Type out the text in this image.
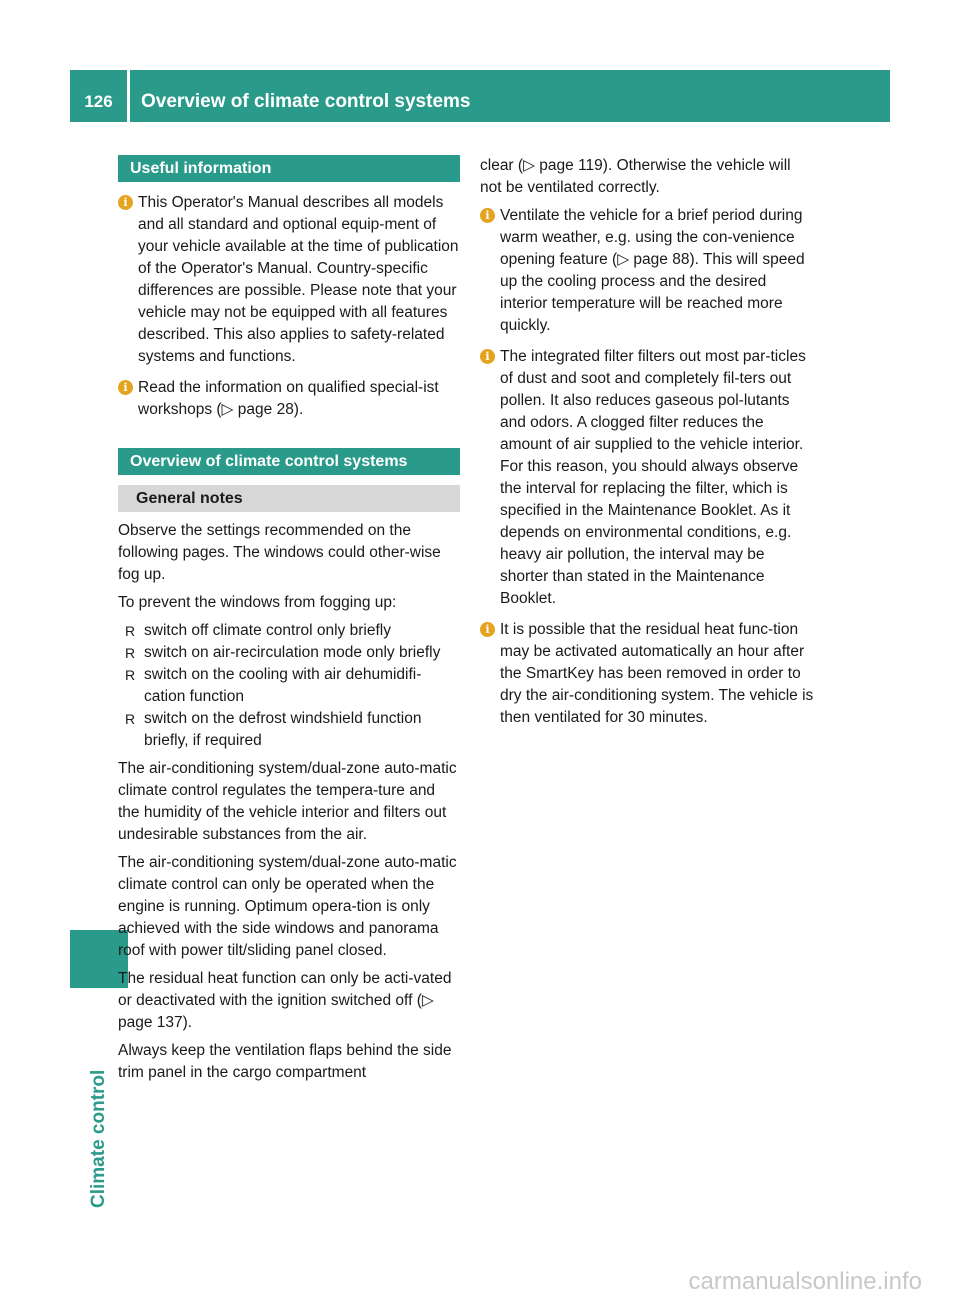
126	Overview of climate control systems
Climate control
Useful information

i This Operator's Manual describes all models and all standard and optional equip-ment of your vehicle available at the time of publication of the Operator's Manual. Country-specific differences are possible. Please note that your vehicle may not be equipped with all features described. This also applies to safety-related systems and functions.

i Read the information on qualified special-ist workshops (▷ page 28).

Overview of climate control systems
General notes

Observe the settings recommended on the following pages. The windows could other-wise fog up.

To prevent the windows from fogging up:

R switch off climate control only briefly
R switch on air-recirculation mode only briefly
R switch on the cooling with air dehumidifi-cation function
R switch on the defrost windshield function briefly, if required

The air-conditioning system/dual-zone auto-matic climate control regulates the tempera-ture and the humidity of the vehicle interior and filters out undesirable substances from the air.

The air-conditioning system/dual-zone auto-matic climate control can only be operated when the engine is running. Optimum opera-tion is only achieved with the side windows and panorama roof with power tilt/sliding panel closed.

The residual heat function can only be acti-vated or deactivated with the ignition switched off (▷ page 137).

Always keep the ventilation flaps behind the side trim panel in the cargo compartment

clear (▷ page 119). Otherwise the vehicle will not be ventilated correctly.

i Ventilate the vehicle for a brief period during warm weather, e.g. using the con-venience opening feature (▷ page 88). This will speed up the cooling process and the desired interior temperature will be reached more quickly.

i The integrated filter filters out most par-ticles of dust and soot and completely fil-ters out pollen. It also reduces gaseous pol-lutants and odors. A clogged filter reduces the amount of air supplied to the vehicle interior. For this reason, you should always observe the interval for replacing the filter, which is specified in the Maintenance Booklet. As it depends on environmental conditions, e.g. heavy air pollution, the interval may be shorter than stated in the Maintenance Booklet.

i It is possible that the residual heat func-tion may be activated automatically an hour after the SmartKey has been removed in order to dry the air-conditioning system. The vehicle is then ventilated for 30 minutes.

carmanualsonline.info
